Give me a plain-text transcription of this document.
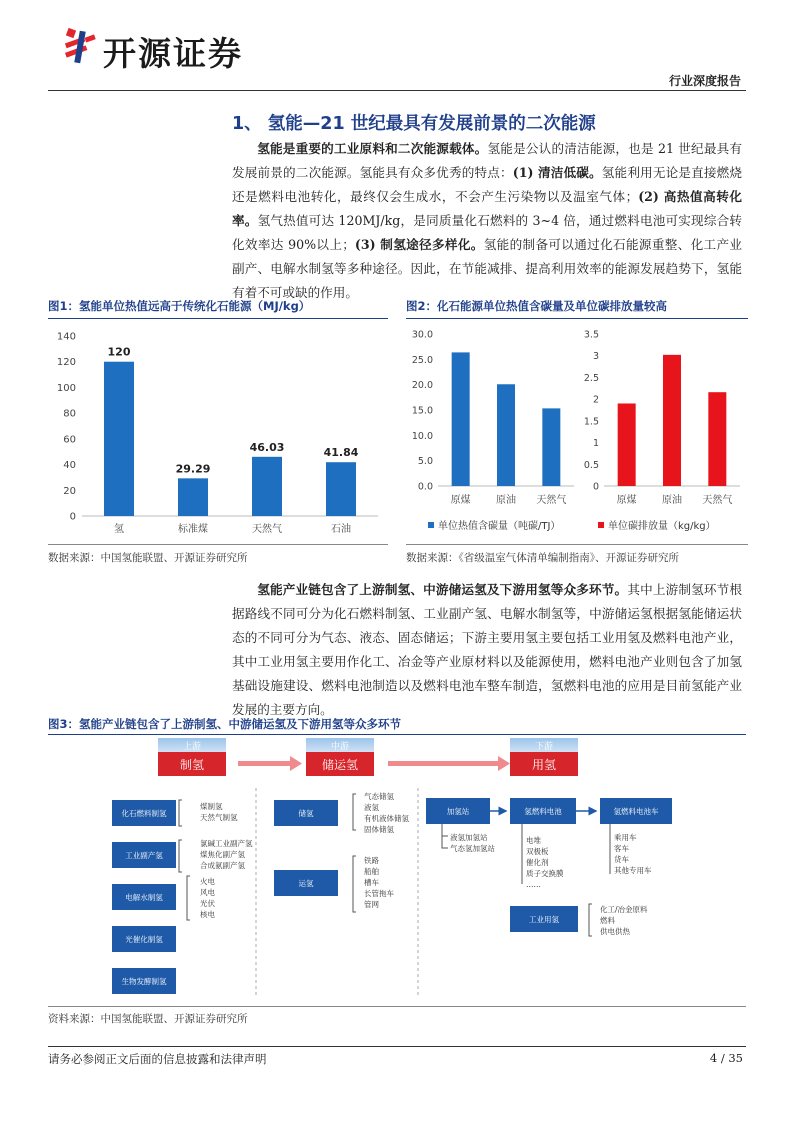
开源证券
行业深度报告
1、 氢能—21 世纪最具有发展前景的二次能源

氢能是重要的工业原料和二次能源载体。氢能是公认的清洁能源，也是 21 世纪最具有发展前景的二次能源。氢能具有众多优秀的特点：(1) 清洁低碳。氢能利用无论是直接燃烧还是燃料电池转化，最终仅会生成水，不会产生污染物以及温室气体；(2) 高热值高转化率。氢气热值可达 120MJ/kg，是同质量化石燃料的 3~4 倍，通过燃料电池可实现综合转化效率达 90%以上；(3) 制氢途径多样化。氢能的制备可以通过化石能源重整、化工产业副产、电解水制氢等多种途径。因此，在节能减排、提高利用效率的能源发展趋势下，氢能有着不可或缺的作用。

图1：氢能单位热值远高于传统化石能源（MJ/kg）
0
20
40
60
80
100
120
140
120
氢
29.29
标准煤
46.03
天然气
41.84
石油
数据来源：中国氢能联盟、开源证券研究所
图2：化石能源单位热值含碳量及单位碳排放量较高
0.0
5.0
10.0
15.0
20.0
25.0
30.0
原煤	原油 天然气
单位热值含碳量（吨碳/TJ）
0
0.5
1
1.5
2
2.5
3
3.5
原煤	原油 天然气
单位碳排放量（kg/kg）
数据来源：《省级温室气体清单编制指南》、开源证券研究所

氢能产业链包含了上游制氢、中游储运氢及下游用氢等众多环节。其中上游制氢环节根据路线不同可分为化石燃料制氢、工业副产氢、电解水制氢等，中游储运氢根据氢能储运状态的不同可分为气态、液态、固态储运；下游主要用氢主要包括工业用氢及燃料电池产业，其中工业用氢主要用作化工、冶金等产业原材料以及能源使用，燃料电池产业则包含了加氢基础设施建设、燃料电池制造以及燃料电池车整车制造，氢燃料电池的应用是目前氢能产业发展的主要方向。

图3：氢能产业链包含了上游制氢、中游储运氢及下游用氢等众多环节
上游
制氢
中游
储运氢
下游
用氢
化石燃料制氢
煤制氢
天然气制氢
工业副产氢
氯碱工业副产氢
煤焦化副产氢
合成氨副产氢
电解水制氢
火电
风电
光伏
核电
光催化制氢
生物发酵制氢
储氢
气态储氢
液氢
有机液体储氢
固体储氢
运氢
铁路
船舶
槽车
长管拖车
管网
加氢站
液氢加氢站
气态氢加氢站
氢燃料电池
电堆
双极板
催化剂
质子交换膜
……
氢燃料电池车
乘用车
客车
货车
其他专用车
工业用氢
化工/冶金原料
燃料
供电供热
资料来源：中国氢能联盟、开源证券研究所
请务必参阅正文后面的信息披露和法律声明	4 / 35
